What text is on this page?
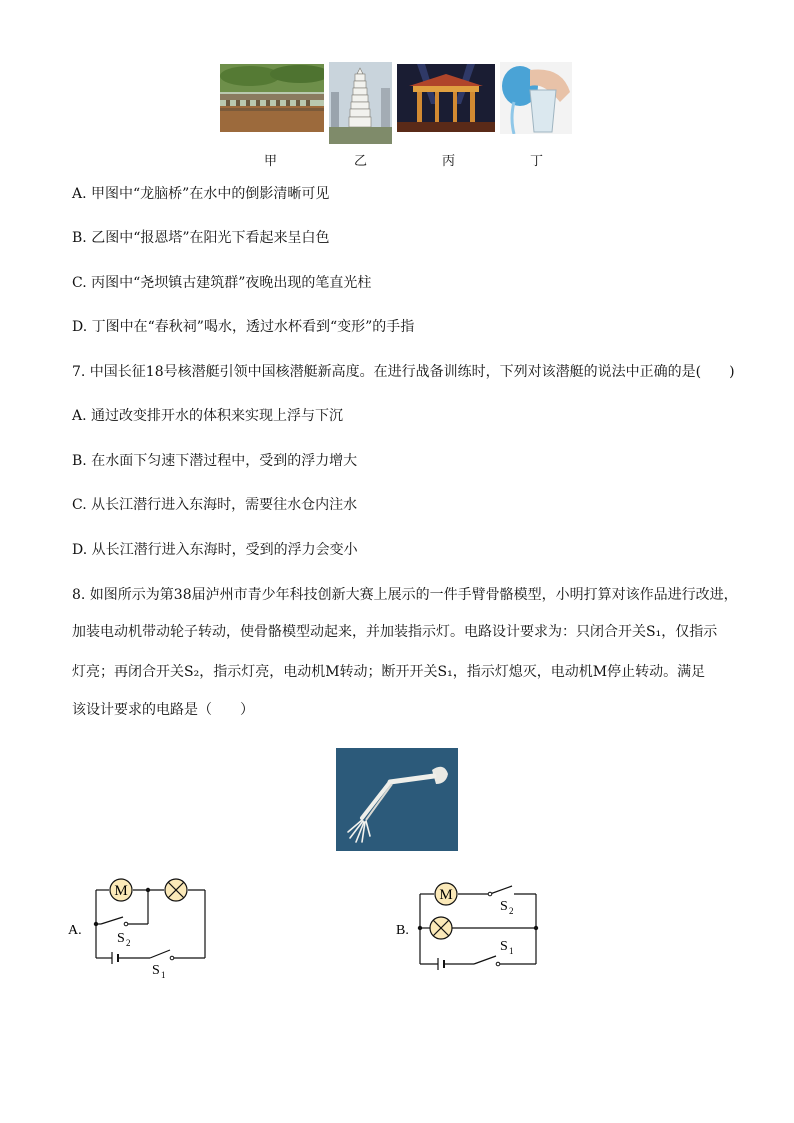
甲	乙	丙	丁
A. 甲图中“龙脑桥”在水中的倒影清晰可见
B. 乙图中“报恩塔”在阳光下看起来呈白色
C. 丙图中“尧坝镇古建筑群”夜晚出现的笔直光柱
D. 丁图中在“春秋祠”喝水，透过水杯看到“变形”的手指
7. 中国长征18号核潜艇引领中国核潜艇新高度。在进行战备训练时，下列对该潜艇的说法中正确的是(　　)
A. 通过改变排开水的体积来实现上浮与下沉
B. 在水面下匀速下潜过程中，受到的浮力增大
C. 从长江潜行进入东海时，需要往水仓内注水
D. 从长江潜行进入东海时，受到的浮力会变小
8. 如图所示为第38届泸州市青少年科技创新大赛上展示的一件手臂骨骼模型，小明打算对该作品进行改进，
加装电动机带动轮子转动，使骨骼模型动起来，并加装指示灯。电路设计要求为：只闭合开关S₁，仅指示
灯亮；再闭合开关S₂，指示灯亮，电动机M转动；断开开关S₁，指示灯熄灭，电动机M停止转动。满足
该设计要求的电路是（　　）
M
A.
S 2
S 1
M
B.
S 2
S 1
